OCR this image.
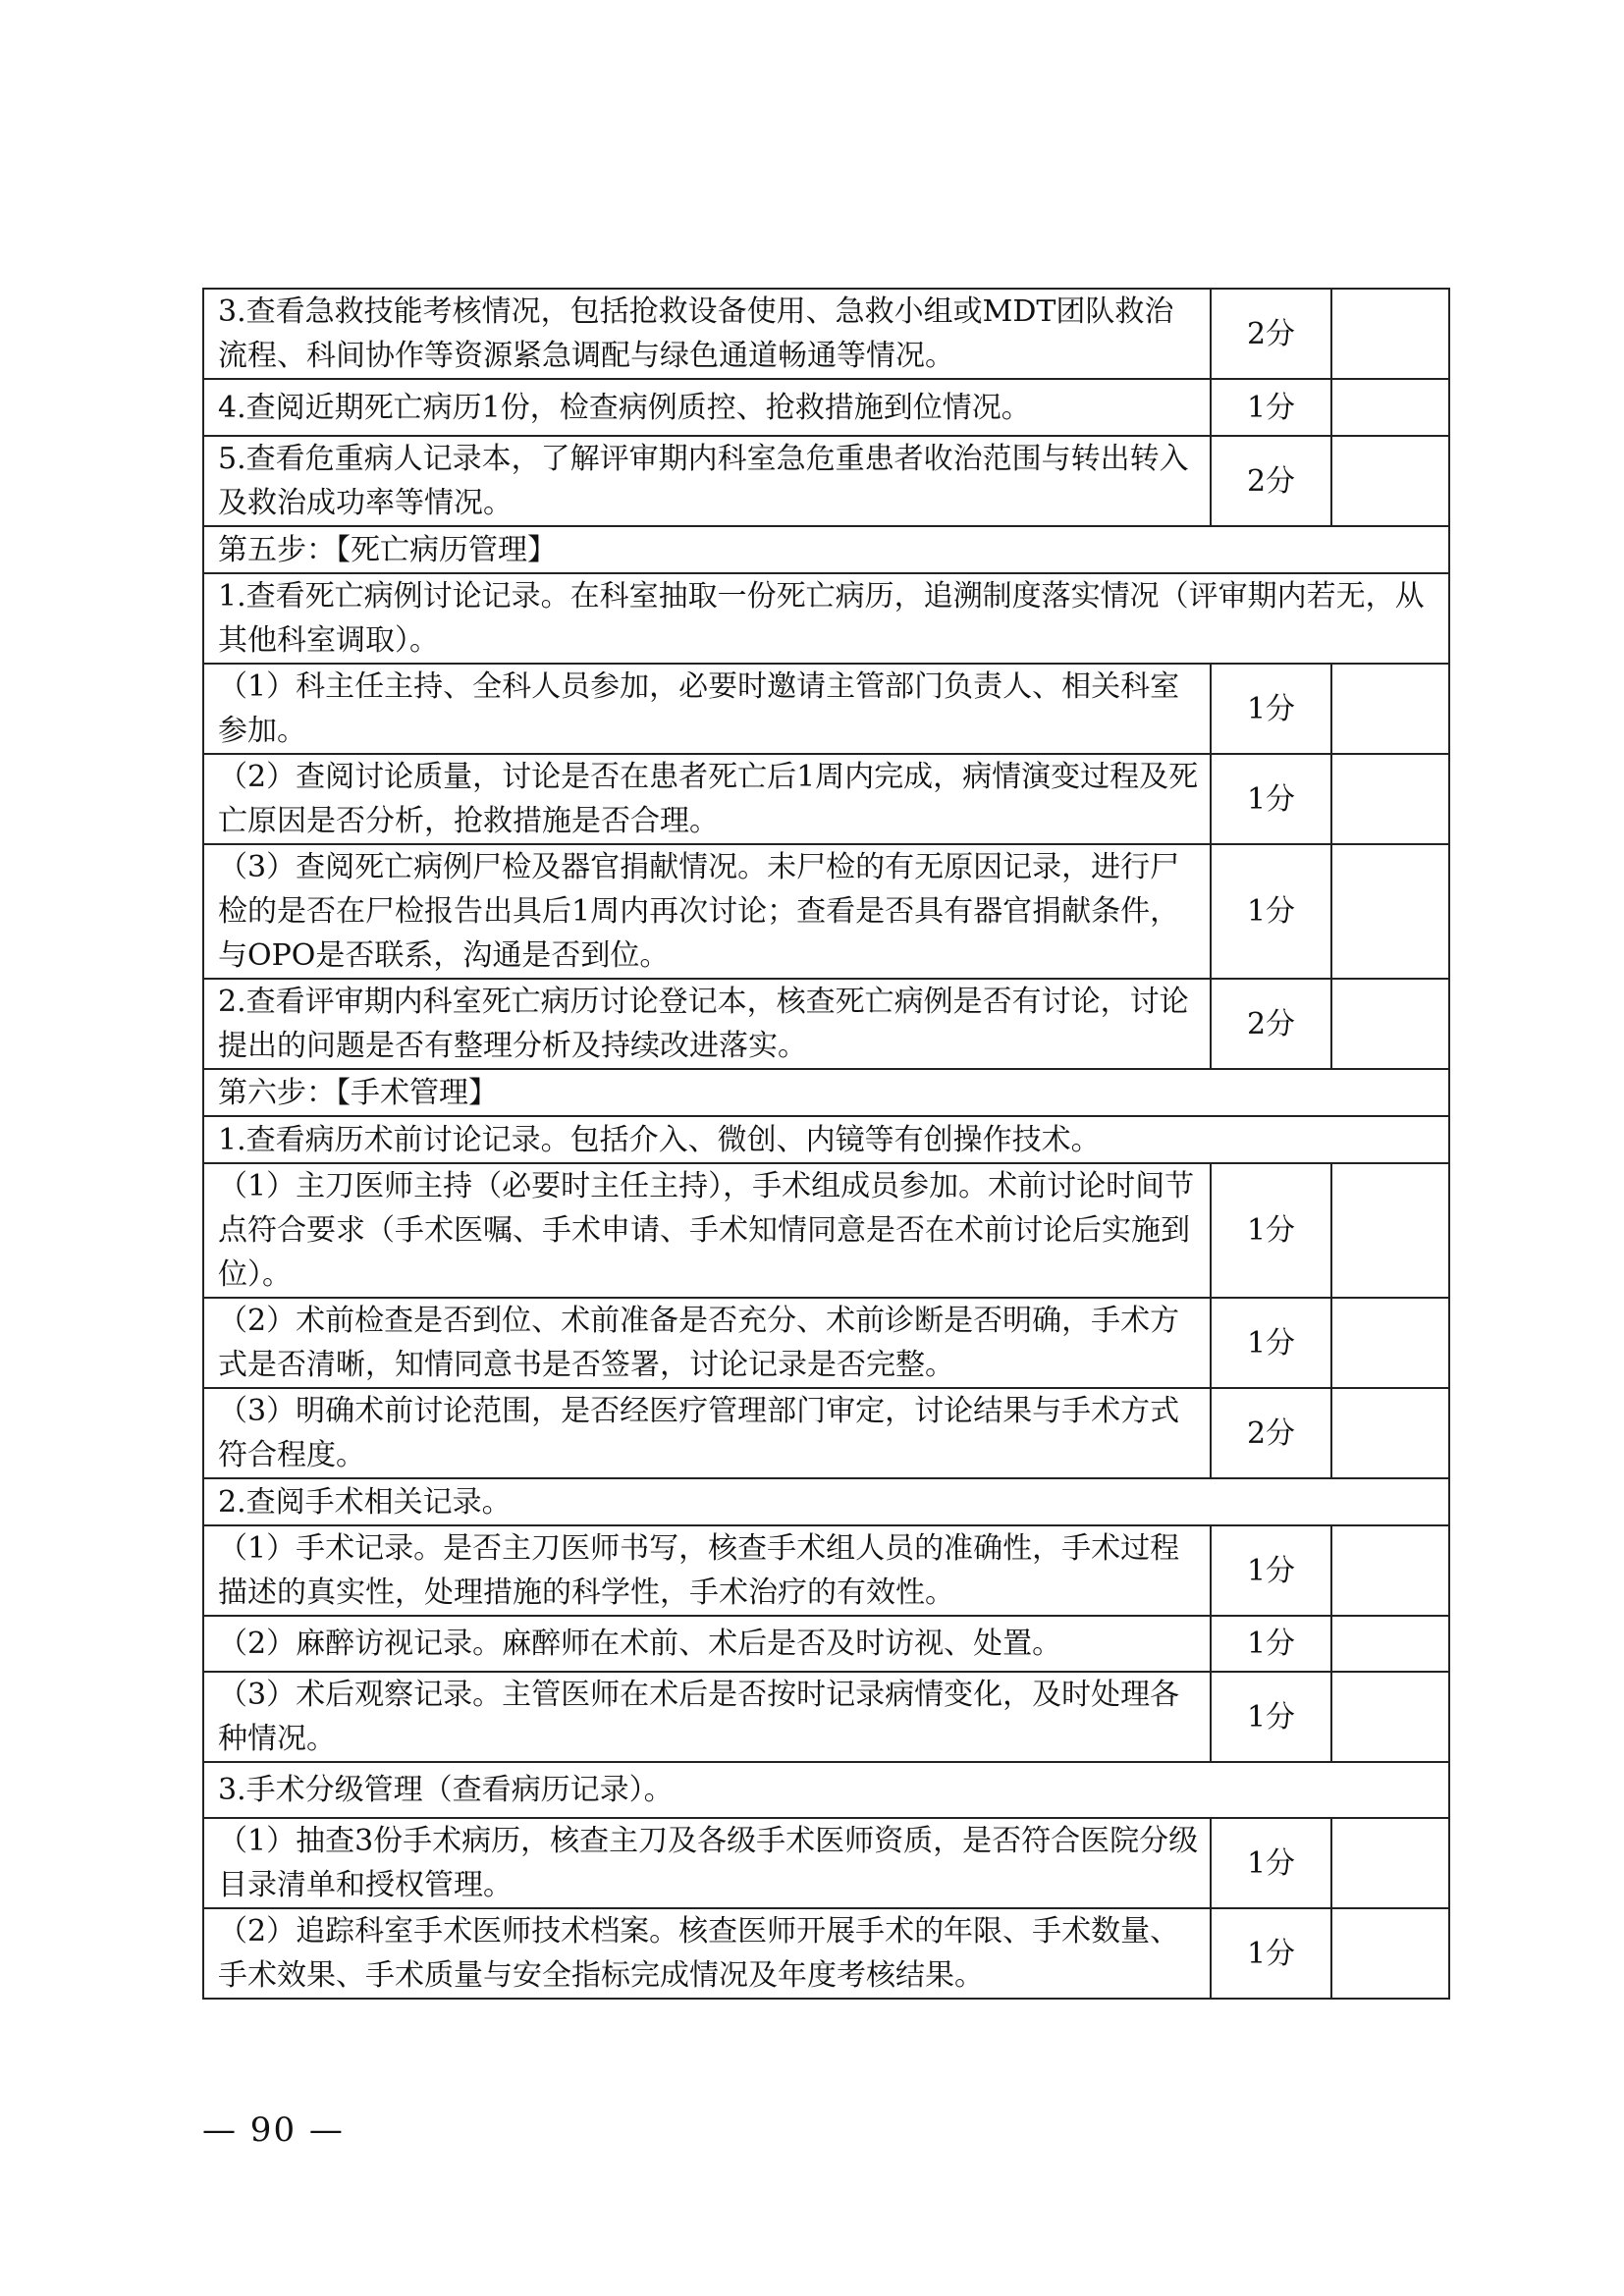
3.查看急救技能考核情况，包括抢救设备使用、急救小组或MDT团队救治流程、科间协作等资源紧急调配与绿色通道畅通等情况。	2分	
4.查阅近期死亡病历1份，检查病例质控、抢救措施到位情况。	1分	
5.查看危重病人记录本，了解评审期内科室急危重患者收治范围与转出转入及救治成功率等情况。	2分	
第五步：【死亡病历管理】		
1.查看死亡病例讨论记录。在科室抽取一份死亡病历，追溯制度落实情况（评审期内若无，从其他科室调取）。		
（1）科主任主持、全科人员参加，必要时邀请主管部门负责人、相关科室参加。	1分	
（2）查阅讨论质量，讨论是否在患者死亡后1周内完成，病情演变过程及死亡原因是否分析，抢救措施是否合理。	1分	
（3）查阅死亡病例尸检及器官捐献情况。未尸检的有无原因记录，进行尸检的是否在尸检报告出具后1周内再次讨论；查看是否具有器官捐献条件，与OPO是否联系，沟通是否到位。	1分	
2.查看评审期内科室死亡病历讨论登记本，核查死亡病例是否有讨论，讨论提出的问题是否有整理分析及持续改进落实。	2分	
第六步：【手术管理】		
1.查看病历术前讨论记录。包括介入、微创、内镜等有创操作技术。		
（1）主刀医师主持（必要时主任主持），手术组成员参加。术前讨论时间节点符合要求（手术医嘱、手术申请、手术知情同意是否在术前讨论后实施到位）。	1分	
（2）术前检查是否到位、术前准备是否充分、术前诊断是否明确，手术方式是否清晰，知情同意书是否签署，讨论记录是否完整。	1分	
（3）明确术前讨论范围，是否经医疗管理部门审定，讨论结果与手术方式符合程度。	2分	
2.查阅手术相关记录。		
（1）手术记录。是否主刀医师书写，核查手术组人员的准确性，手术过程描述的真实性，处理措施的科学性，手术治疗的有效性。	1分	
（2）麻醉访视记录。麻醉师在术前、术后是否及时访视、处置。	1分	
（3）术后观察记录。主管医师在术后是否按时记录病情变化，及时处理各种情况。	1分	
3.手术分级管理（查看病历记录）。		
（1）抽查3份手术病历，核查主刀及各级手术医师资质，是否符合医院分级目录清单和授权管理。	1分	
（2）追踪科室手术医师技术档案。核查医师开展手术的年限、手术数量、手术效果、手术质量与安全指标完成情况及年度考核结果。	1分	
— 90 —
